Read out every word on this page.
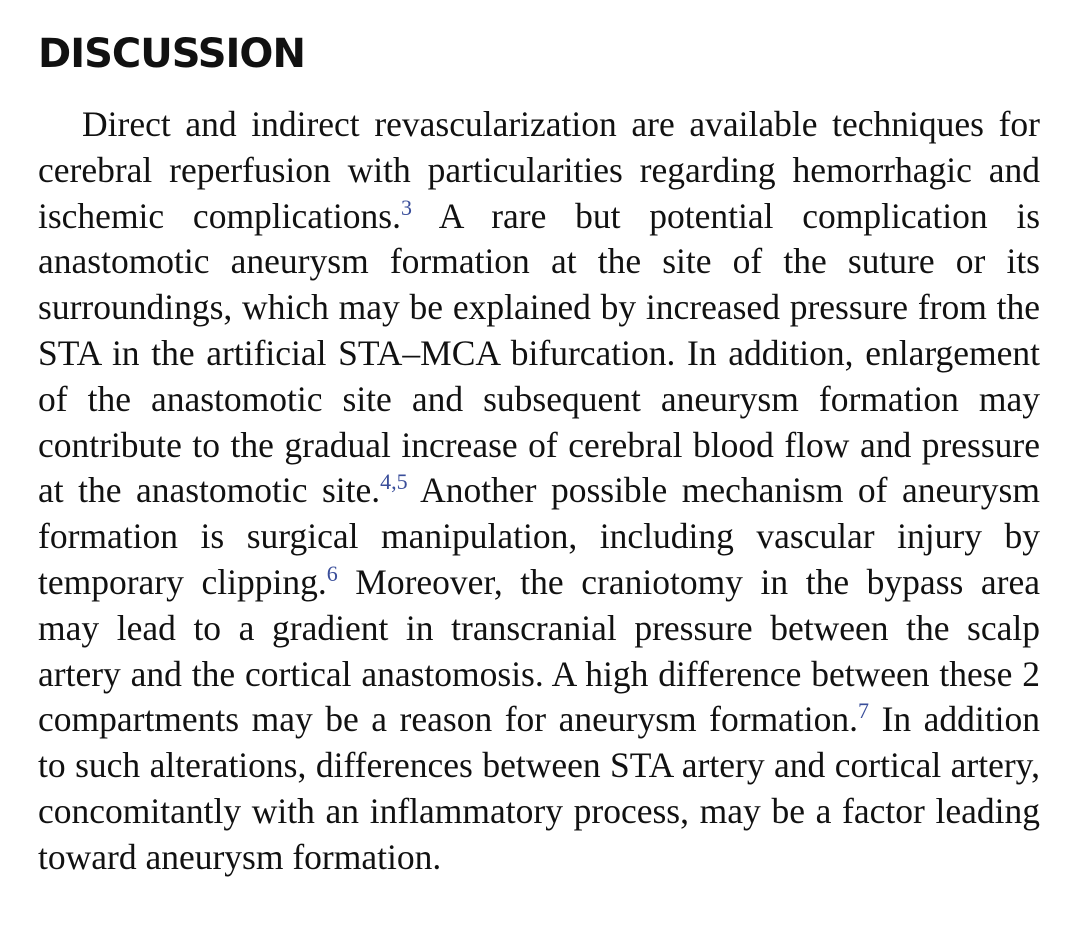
DISCUSSION

Direct and indirect revascularization are available techniques for cerebral reperfusion with particularities regarding hemorrhagic and ischemic complications.$^3$ A rare but potential complication is anastomotic aneurysm formation at the site of the suture or its surroundings, which may be explained by increased pressure from the STA in the artificial STA–MCA bifurcation. In addition, enlargement of the anastomotic site and subsequent aneurysm formation may contribute to the gradual increase of cerebral blood flow and pressure at the anastomotic site.$^{4,5}$ Another possible mechanism of aneurysm formation is surgical manipulation, including vascular injury by temporary clipping.$^6$ Moreover, the craniotomy in the bypass area may lead to a gradient in transcranial pressure between the scalp artery and the cortical anastomosis. A high difference between these 2 compartments may be a reason for aneurysm formation.$^7$ In addition to such alterations, differences between STA artery and cortical artery, concomitantly with an inflammatory process, may be a factor leading toward aneurysm formation.
